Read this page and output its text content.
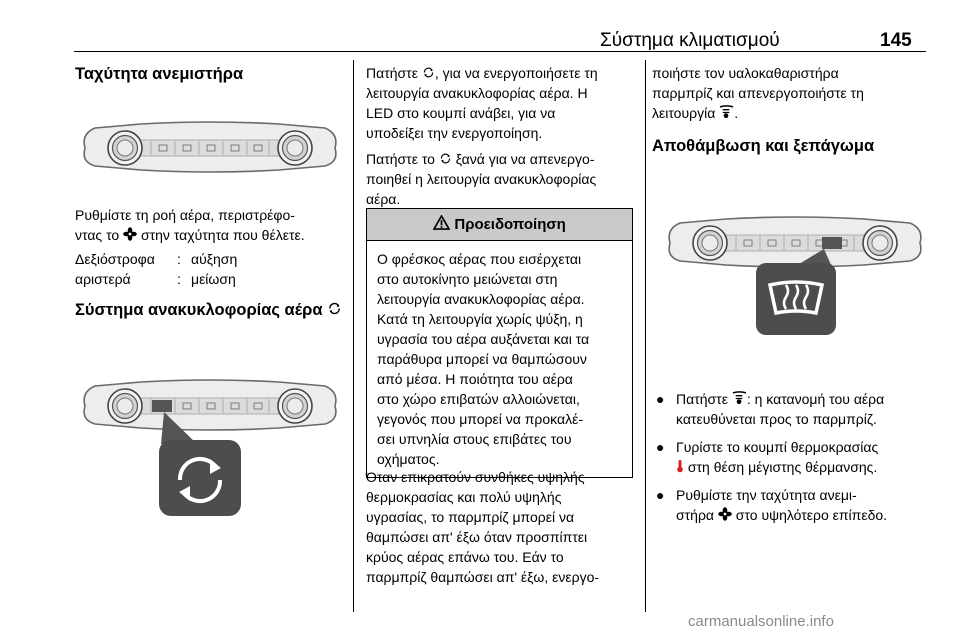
Σύστημα κλιματισμού	145

Ταχύτητα ανεμιστήρα

Ρυθμίστε τη ροή αέρα, περιστρέφο-

ντας το στην ταχύτητα που θέλετε.

Δεξιόστροφα	: αύξηση
αριστερά	: μείωση

Σύστημα ανακυκλοφορίας αέρα

Πατήστε , για να ενεργοποιήσετε τη

λειτουργία ανακυκλοφορίας αέρα. Η

LED στο κουμπί ανάβει, για να

υποδείξει την ενεργοποίηση.

Πατήστε το ξανά για να απενεργο-

ποιηθεί η λειτουργία ανακυκλοφορίας

αέρα.

Προειδοποίηση

Ο φρέσκος αέρας που εισέρχεται

στο αυτοκίνητο μειώνεται στη

λειτουργία ανακυκλοφορίας αέρα.

Κατά τη λειτουργία χωρίς ψύξη, η

υγρασία του αέρα αυξάνεται και τα

παράθυρα μπορεί να θαμπώσουν

από μέσα. Η ποιότητα του αέρα

στο χώρο επιβατών αλλοιώνεται,

γεγονός που μπορεί να προκαλέ-

σει υπνηλία στους επιβάτες του

οχήματος.

Όταν επικρατούν συνθήκες υψηλής

θερμοκρασίας και πολύ υψηλής

υγρασίας, το παρμπρίζ μπορεί να

θαμπώσει απ' έξω όταν προσπίπτει

κρύος αέρας επάνω του. Εάν το

παρμπρίζ θαμπώσει απ' έξω, ενεργο-

ποιήστε τον υαλοκαθαριστήρα

παρμπρίζ και απενεργοποιήστε τη

λειτουργία .

Αποθάμβωση και ξεπάγωμα

● Πατήστε : η κατανομή του αέρα

κατευθύνεται προς το παρμπρίζ.

● Γυρίστε το κουμπί θερμοκρασίας

στη θέση μέγιστης θέρμανσης.

● Ρυθμίστε την ταχύτητα ανεμι-

στήρα στο υψηλότερο επίπεδο.

carmanualsonline.info
